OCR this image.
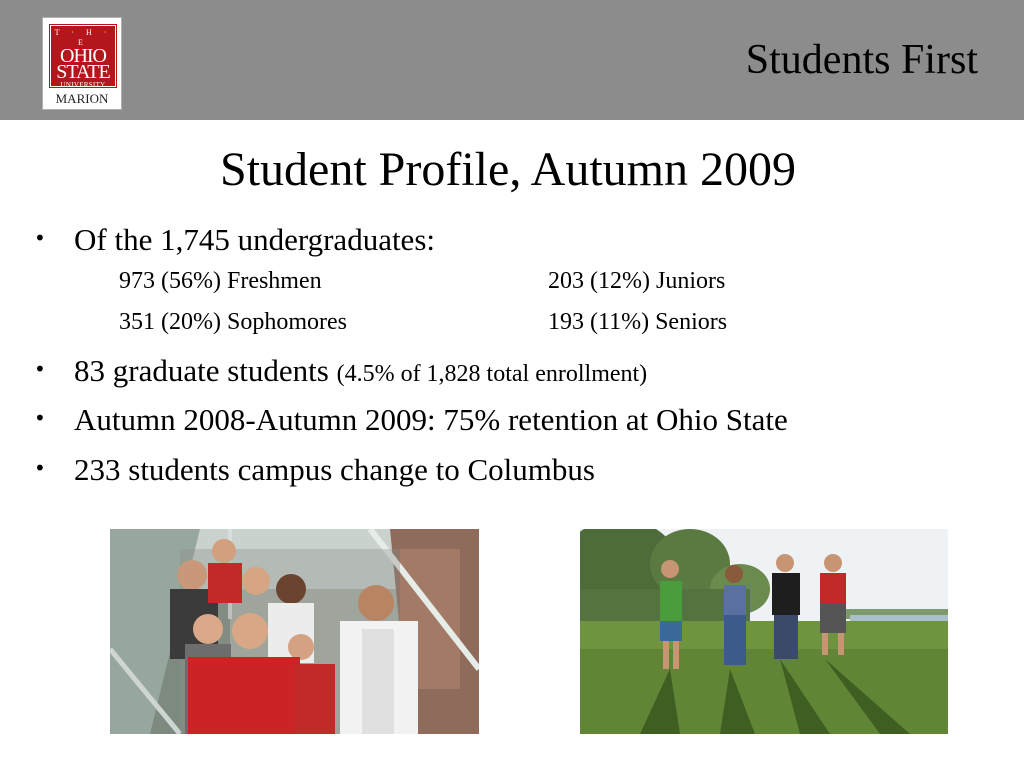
T · H · E
OHIO
STATE
UNIVERSITY
MARION
Students First
Student Profile, Autumn 2009
• Of the 1,745 undergraduates:
973 (56%) Freshmen	203 (12%) Juniors
351 (20%) Sophomores	193 (11%) Seniors
• 83 graduate students (4.5% of 1,828 total enrollment)
• Autumn 2008-Autumn 2009: 75% retention at Ohio State
• 233 students campus change to Columbus
